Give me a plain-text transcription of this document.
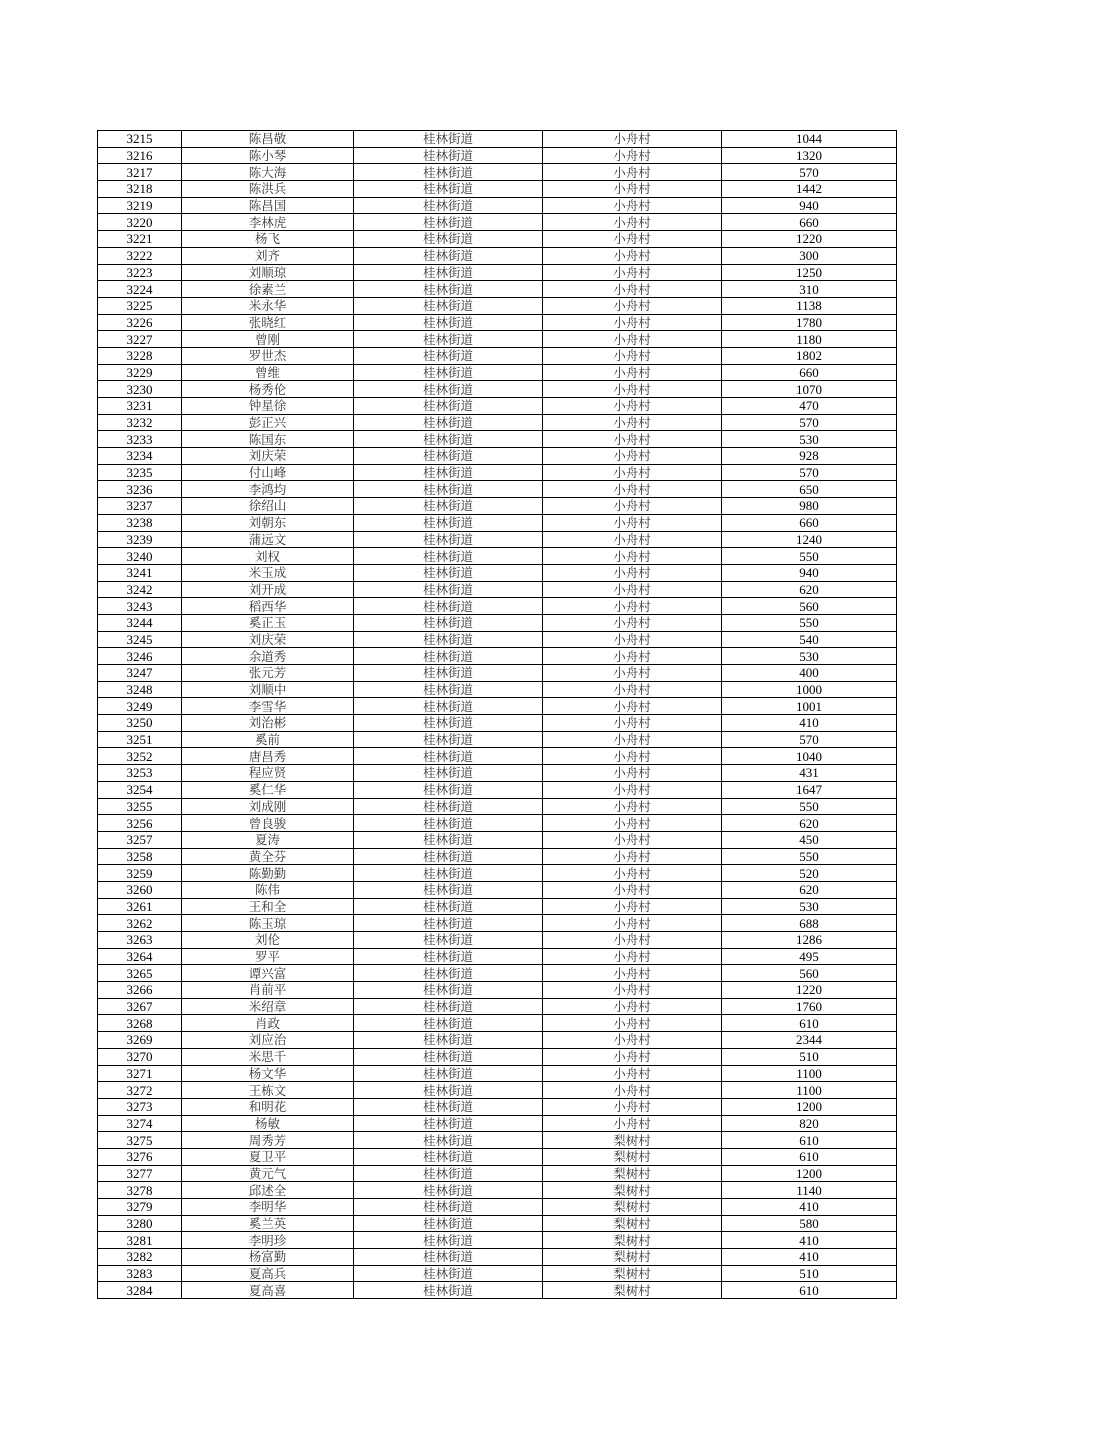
3215	陈昌敬	桂林街道	小舟村	1044
3216	陈小琴	桂林街道	小舟村	1320
3217	陈大海	桂林街道	小舟村	570
3218	陈洪兵	桂林街道	小舟村	1442
3219	陈昌国	桂林街道	小舟村	940
3220	李林虎	桂林街道	小舟村	660
3221	杨飞	桂林街道	小舟村	1220
3222	刘齐	桂林街道	小舟村	300
3223	刘顺琼	桂林街道	小舟村	1250
3224	徐素兰	桂林街道	小舟村	310
3225	米永华	桂林街道	小舟村	1138
3226	张晓红	桂林街道	小舟村	1780
3227	曾刚	桂林街道	小舟村	1180
3228	罗世杰	桂林街道	小舟村	1802
3229	曾维	桂林街道	小舟村	660
3230	杨秀伦	桂林街道	小舟村	1070
3231	钟星徐	桂林街道	小舟村	470
3232	彭正兴	桂林街道	小舟村	570
3233	陈国东	桂林街道	小舟村	530
3234	刘庆荣	桂林街道	小舟村	928
3235	付山峰	桂林街道	小舟村	570
3236	李鸿均	桂林街道	小舟村	650
3237	徐绍山	桂林街道	小舟村	980
3238	刘朝东	桂林街道	小舟村	660
3239	蒲远文	桂林街道	小舟村	1240
3240	刘权	桂林街道	小舟村	550
3241	米玉成	桂林街道	小舟村	940
3242	刘开成	桂林街道	小舟村	620
3243	稻西华	桂林街道	小舟村	560
3244	奚正玉	桂林街道	小舟村	550
3245	刘庆荣	桂林街道	小舟村	540
3246	余道秀	桂林街道	小舟村	530
3247	张元芳	桂林街道	小舟村	400
3248	刘顺中	桂林街道	小舟村	1000
3249	李雪华	桂林街道	小舟村	1001
3250	刘治彬	桂林街道	小舟村	410
3251	奚前	桂林街道	小舟村	570
3252	唐昌秀	桂林街道	小舟村	1040
3253	程应贤	桂林街道	小舟村	431
3254	奚仁华	桂林街道	小舟村	1647
3255	刘成刚	桂林街道	小舟村	550
3256	曾良骏	桂林街道	小舟村	620
3257	夏涛	桂林街道	小舟村	450
3258	黄全芬	桂林街道	小舟村	550
3259	陈勤勤	桂林街道	小舟村	520
3260	陈伟	桂林街道	小舟村	620
3261	王和全	桂林街道	小舟村	530
3262	陈玉琼	桂林街道	小舟村	688
3263	刘伦	桂林街道	小舟村	1286
3264	罗平	桂林街道	小舟村	495
3265	谭兴富	桂林街道	小舟村	560
3266	肖前平	桂林街道	小舟村	1220
3267	米绍章	桂林街道	小舟村	1760
3268	肖政	桂林街道	小舟村	610
3269	刘应治	桂林街道	小舟村	2344
3270	米思千	桂林街道	小舟村	510
3271	杨文华	桂林街道	小舟村	1100
3272	王栋文	桂林街道	小舟村	1100
3273	和明花	桂林街道	小舟村	1200
3274	杨敏	桂林街道	小舟村	820
3275	周秀芳	桂林街道	梨树村	610
3276	夏卫平	桂林街道	梨树村	610
3277	黄元气	桂林街道	梨树村	1200
3278	邱述全	桂林街道	梨树村	1140
3279	李明华	桂林街道	梨树村	410
3280	奚兰英	桂林街道	梨树村	580
3281	李明珍	桂林街道	梨树村	410
3282	杨富勤	桂林街道	梨树村	410
3283	夏高兵	桂林街道	梨树村	510
3284	夏高喜	桂林街道	梨树村	610
